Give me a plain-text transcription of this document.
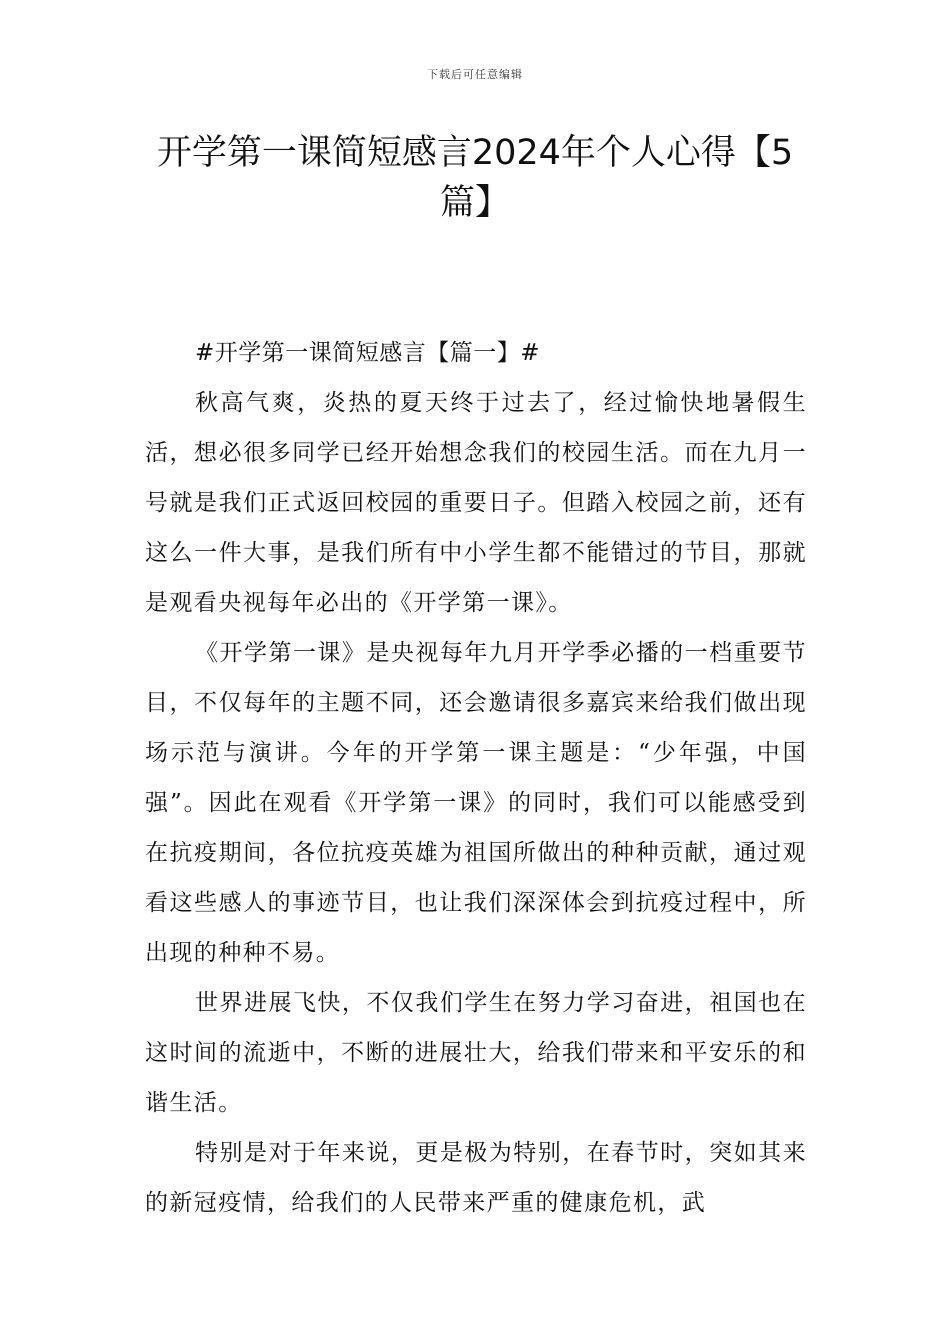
下载后可任意编辑
开学第一课简短感言2024年个人心得【5篇】

#开学第一课简短感言【篇一】#

秋高气爽，炎热的夏天终于过去了，经过愉快地暑假生活，想必很多同学已经开始想念我们的校园生活。而在九月一号就是我们正式返回校园的重要日子。但踏入校园之前，还有这么一件大事，是我们所有中小学生都不能错过的节目，那就是观看央视每年必出的《开学第一课》。

《开学第一课》是央视每年九月开学季必播的一档重要节目，不仅每年的主题不同，还会邀请很多嘉宾来给我们做出现场示范与演讲。今年的开学第一课主题是：“少年强，中国强”。因此在观看《开学第一课》的同时，我们可以能感受到在抗疫期间，各位抗疫英雄为祖国所做出的种种贡献，通过观看这些感人的事迹节目，也让我们深深体会到抗疫过程中，所出现的种种不易。

世界进展飞快，不仅我们学生在努力学习奋进，祖国也在这时间的流逝中，不断的进展壮大，给我们带来和平安乐的和谐生活。

特别是对于年来说，更是极为特别，在春节时，突如其来的新冠疫情，给我们的人民带来严重的健康危机，武
